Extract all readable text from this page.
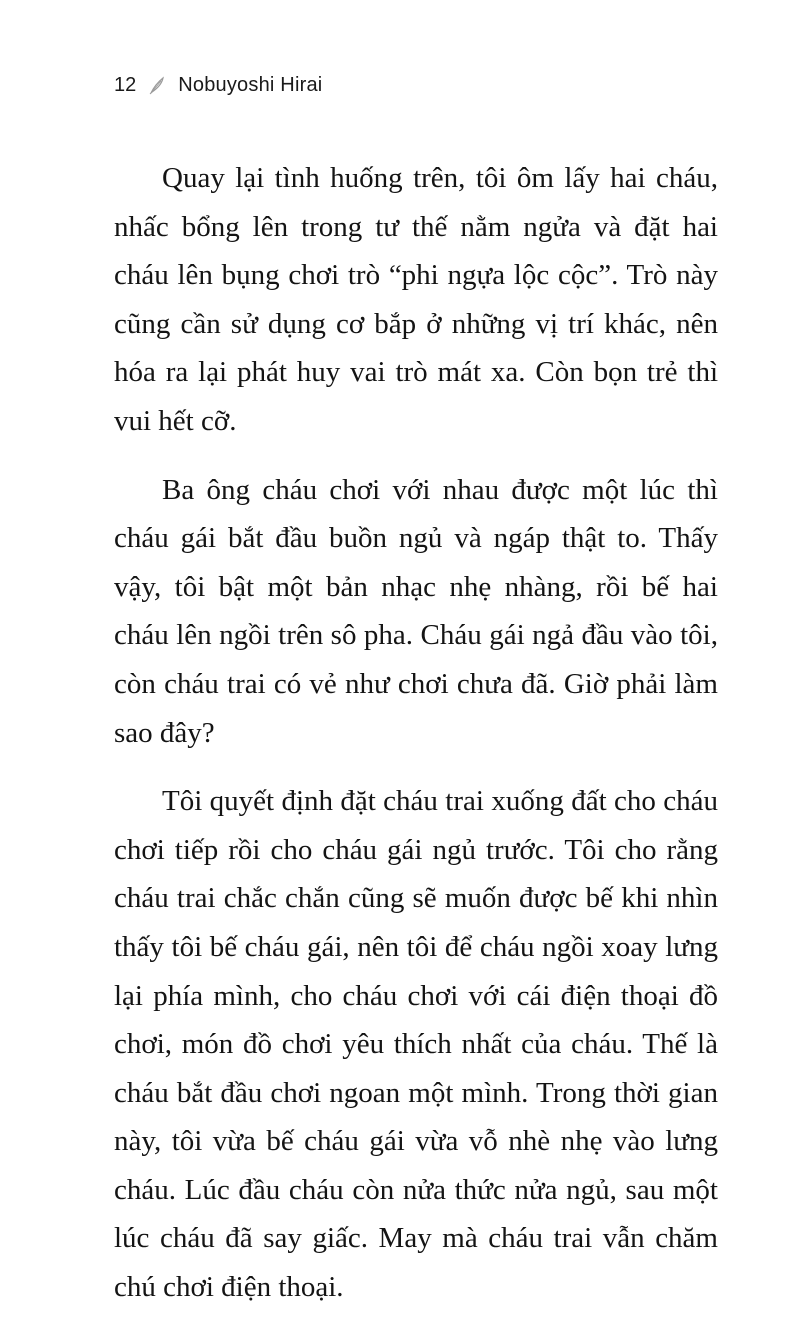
12 Nobuyoshi Hirai

Quay lại tình huống trên, tôi ôm lấy hai cháu, nhấc bổng lên trong tư thế nằm ngửa và đặt hai cháu lên bụng chơi trò “phi ngựa lộc cộc”. Trò này cũng cần sử dụng cơ bắp ở những vị trí khác, nên hóa ra lại phát huy vai trò mát xa. Còn bọn trẻ thì vui hết cỡ.

Ba ông cháu chơi với nhau được một lúc thì cháu gái bắt đầu buồn ngủ và ngáp thật to. Thấy vậy, tôi bật một bản nhạc nhẹ nhàng, rồi bế hai cháu lên ngồi trên sô pha. Cháu gái ngả đầu vào tôi, còn cháu trai có vẻ như chơi chưa đã. Giờ phải làm sao đây?

Tôi quyết định đặt cháu trai xuống đất cho cháu chơi tiếp rồi cho cháu gái ngủ trước. Tôi cho rằng cháu trai chắc chắn cũng sẽ muốn được bế khi nhìn thấy tôi bế cháu gái, nên tôi để cháu ngồi xoay lưng lại phía mình, cho cháu chơi với cái điện thoại đồ chơi, món đồ chơi yêu thích nhất của cháu. Thế là cháu bắt đầu chơi ngoan một mình. Trong thời gian này, tôi vừa bế cháu gái vừa vỗ nhè nhẹ vào lưng cháu. Lúc đầu cháu còn nửa thức nửa ngủ, sau một lúc cháu đã say giấc. May mà cháu trai vẫn chăm chú chơi điện thoại.
